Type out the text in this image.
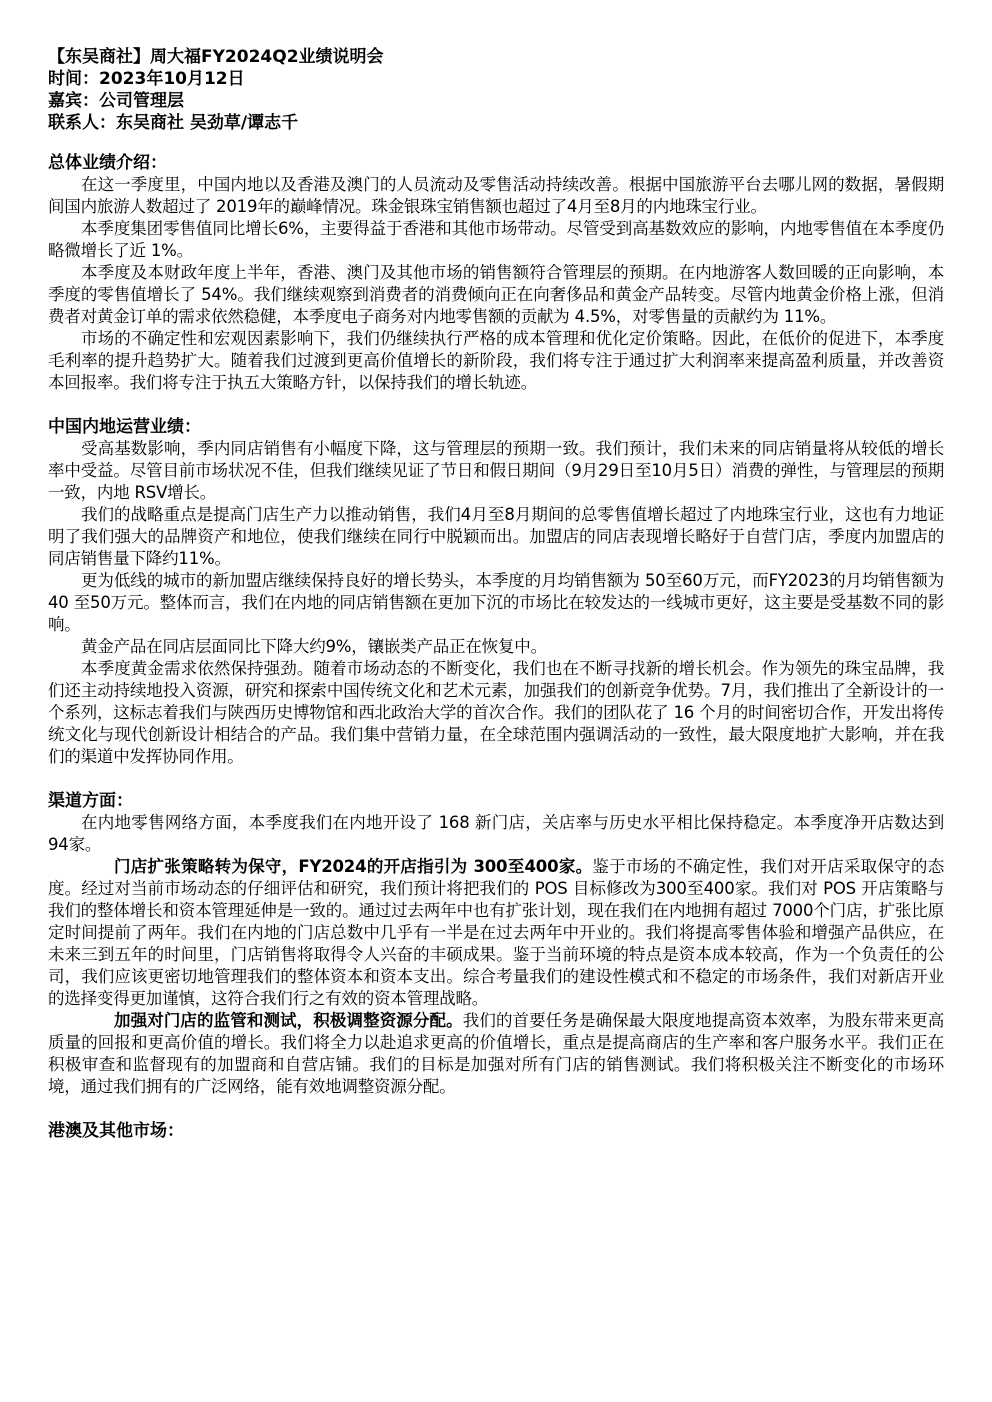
【东吴商社】周大福FY2024Q2业绩说明会

时间：2023年10月12日

嘉宾：公司管理层

联系人：东吴商社 吴劲草/谭志千

总体业绩介绍：

在这一季度里，中国内地以及香港及澳门的人员流动及零售活动持续改善。根据中国旅游平台去哪儿网的数据，暑假期间国内旅游人数超过了 2019年的巅峰情况。珠金银珠宝销售额也超过了4月至8月的内地珠宝行业。

本季度集团零售值同比增长6%，主要得益于香港和其他市场带动。尽管受到高基数效应的影响，内地零售值在本季度仍略微增长了近 1%。

本季度及本财政年度上半年，香港、澳门及其他市场的销售额符合管理层的预期。在内地游客人数回暖的正向影响，本季度的零售值增长了 54%。我们继续观察到消费者的消费倾向正在向奢侈品和黄金产品转变。尽管内地黄金价格上涨，但消费者对黄金订单的需求依然稳健，本季度电子商务对内地零售额的贡献为 4.5%，对零售量的贡献约为 11%。

市场的不确定性和宏观因素影响下，我们仍继续执行严格的成本管理和优化定价策略。因此，在低价的促进下，本季度毛利率的提升趋势扩大。随着我们过渡到更高价值增长的新阶段，我们将专注于通过扩大利润率来提高盈利质量，并改善资本回报率。我们将专注于执五大策略方针，以保持我们的增长轨迹。

中国内地运营业绩：

受高基数影响，季内同店销售有小幅度下降，这与管理层的预期一致。我们预计，我们未来的同店销量将从较低的增长率中受益。尽管目前市场状况不佳，但我们继续见证了节日和假日期间（9月29日至10月5日）消费的弹性，与管理层的预期一致，内地 RSV增长。

我们的战略重点是提高门店生产力以推动销售，我们4月至8月期间的总零售值增长超过了内地珠宝行业，这也有力地证明了我们强大的品牌资产和地位，使我们继续在同行中脱颖而出。加盟店的同店表现增长略好于自营门店，季度内加盟店的同店销售量下降约11%。

更为低线的城市的新加盟店继续保持良好的增长势头，本季度的月均销售额为 50至60万元，而FY2023的月均销售额为 40 至50万元。整体而言，我们在内地的同店销售额在更加下沉的市场比在较发达的一线城市更好，这主要是受基数不同的影响。

黄金产品在同店层面同比下降大约9%，镶嵌类产品正在恢复中。

本季度黄金需求依然保持强劲。随着市场动态的不断变化，我们也在不断寻找新的增长机会。作为领先的珠宝品牌，我们还主动持续地投入资源，研究和探索中国传统文化和艺术元素，加强我们的创新竞争优势。7月，我们推出了全新设计的一个系列，这标志着我们与陕西历史博物馆和西北政治大学的首次合作。我们的团队花了 16 个月的时间密切合作，开发出将传统文化与现代创新设计相结合的产品。我们集中营销力量，在全球范围内强调活动的一致性，最大限度地扩大影响，并在我们的渠道中发挥协同作用。

渠道方面：

在内地零售网络方面，本季度我们在内地开设了 168 新门店，关店率与历史水平相比保持稳定。本季度净开店数达到 94家。

门店扩张策略转为保守，FY2024的开店指引为 300至400家。鉴于市场的不确定性，我们对开店采取保守的态度。经过对当前市场动态的仔细评估和研究，我们预计将把我们的 POS 目标修改为300至400家。我们对 POS 开店策略与我们的整体增长和资本管理延伸是一致的。通过过去两年中也有扩张计划，现在我们在内地拥有超过 7000个门店，扩张比原定时间提前了两年。我们在内地的门店总数中几乎有一半是在过去两年中开业的。我们将提高零售体验和增强产品供应，在未来三到五年的时间里，门店销售将取得令人兴奋的丰硕成果。鉴于当前环境的特点是资本成本较高，作为一个负责任的公司，我们应该更密切地管理我们的整体资本和资本支出。综合考量我们的建设性模式和不稳定的市场条件，我们对新店开业的选择变得更加谨慎，这符合我们行之有效的资本管理战略。

加强对门店的监管和测试，积极调整资源分配。我们的首要任务是确保最大限度地提高资本效率，为股东带来更高质量的回报和更高价值的增长。我们将全力以赴追求更高的价值增长，重点是提高商店的生产率和客户服务水平。我们正在积极审查和监督现有的加盟商和自营店铺。我们的目标是加强对所有门店的销售测试。我们将积极关注不断变化的市场环境，通过我们拥有的广泛网络，能有效地调整资源分配。

港澳及其他市场：
